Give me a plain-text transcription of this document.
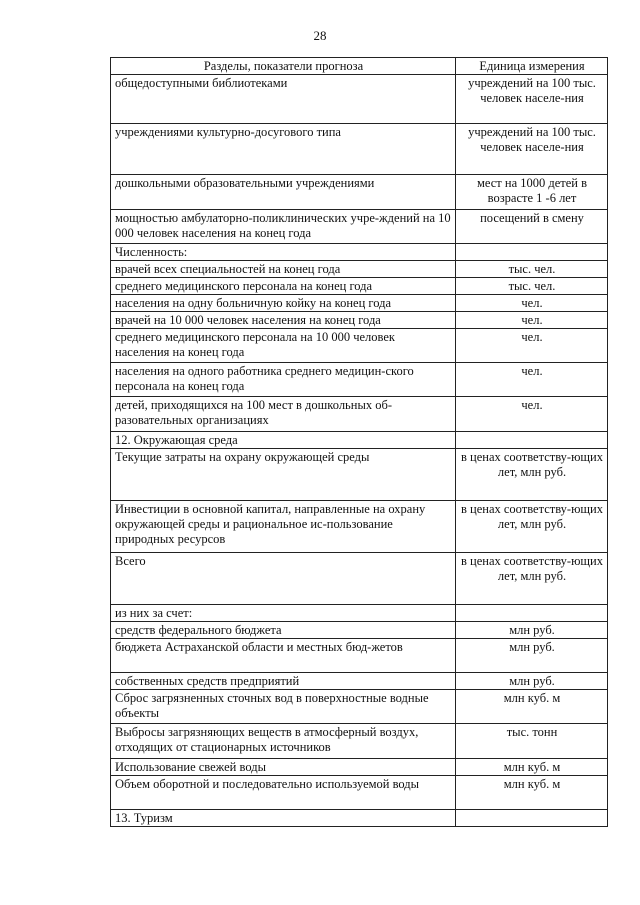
28
Разделы, показатели прогноза	Единица измерения
общедоступными библиотеками	учреждений на 100 тыс. человек населе-ния
учреждениями культурно-досугового типа	учреждений на 100 тыс. человек населе-ния
дошкольными образовательными учреждениями	мест на 1000 детей в возрасте 1 -6 лет
мощностью амбулаторно-поликлинических учре-ждений на 10 000 человек населения на конец года	посещений в смену
Численность:	
врачей всех специальностей на конец года	тыс. чел.
среднего медицинского персонала на конец года	тыс. чел.
населения на одну больничную койку на конец года	чел.
врачей на 10 000 человек населения на конец года	чел.
среднего медицинского персонала на 10 000 человек населения на конец года	чел.
населения на одного работника среднего медицин-ского персонала на конец года	чел.
детей, приходящихся на 100 мест в дошкольных об-разовательных организациях	чел.
12. Окружающая среда	
Текущие затраты на охрану окружающей среды	в ценах соответству-ющих лет, млн руб.
Инвестиции в основной капитал, направленные на охрану окружающей среды и рациональное ис-пользование природных ресурсов	в ценах соответству-ющих лет, млн руб.
Всего	в ценах соответству-ющих лет, млн руб.
из них за счет:	
средств федерального бюджета	млн руб.
бюджета Астраханской области и местных бюд-жетов	млн руб.
собственных средств предприятий	млн руб.
Сброс загрязненных сточных вод в поверхностные водные объекты	млн куб. м
Выбросы загрязняющих веществ в атмосферный воздух, отходящих от стационарных источников	тыс. тонн
Использование свежей воды	млн куб. м
Объем оборотной и последовательно используемой воды	млн куб. м
13. Туризм	
